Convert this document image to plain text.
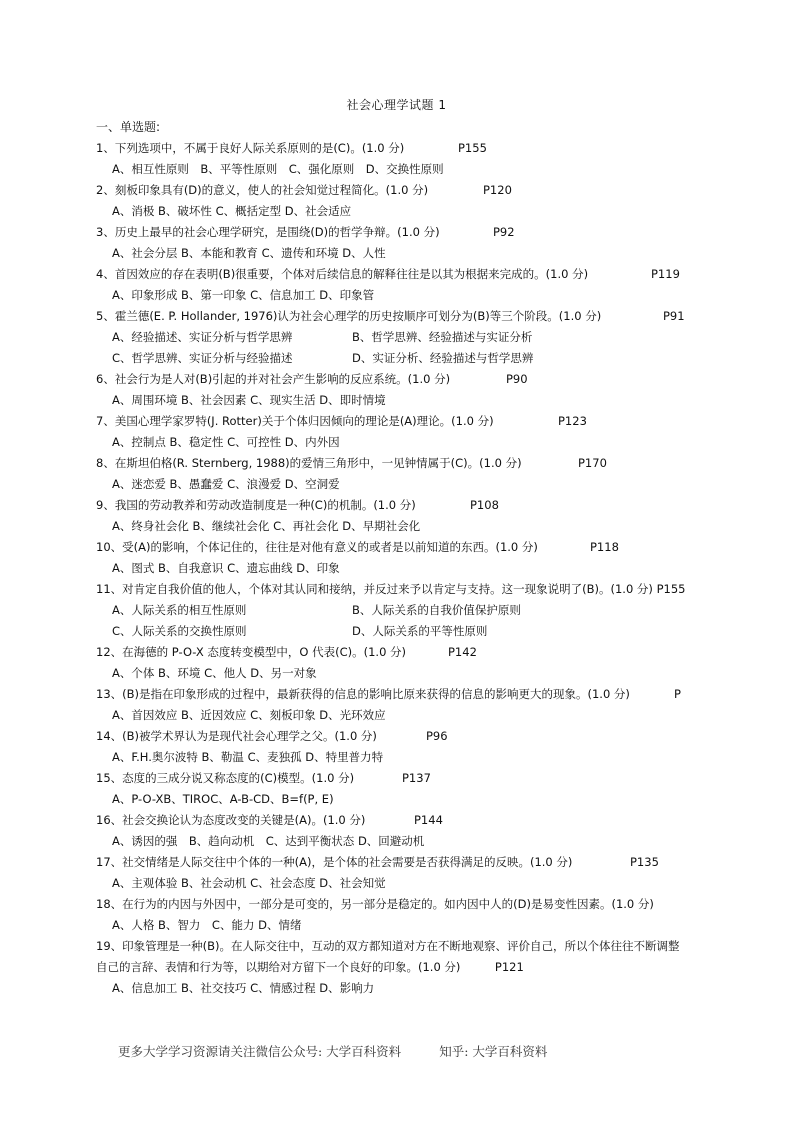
社会心理学试题 1
一、单选题:
1、下列选项中，不属于良好人际关系原则的是(C)。(1.0 分)	P155
A、相互性原则　B、平等性原则　C、强化原则　D、交换性原则
2、刻板印象具有(D)的意义，使人的社会知觉过程简化。(1.0 分)	P120
A、消极 B、破坏性 C、概括定型 D、社会适应
3、历史上最早的社会心理学研究，是围绕(D)的哲学争辩。(1.0 分)	P92
A、社会分层 B、本能和教育 C、遗传和环境 D、人性
4、首因效应的存在表明(B)很重要，个体对后续信息的解释往往是以其为根据来完成的。(1.0 分)	P119
A、印象形成 B、第一印象 C、信息加工 D、印象管
5、霍兰德(E. P. Hollander, 1976)认为社会心理学的历史按顺序可划分为(B)等三个阶段。(1.0 分)	P91
A、经验描述、实证分析与哲学思辨	B、哲学思辨、经验描述与实证分析
C、哲学思辨、实证分析与经验描述	D、实证分析、经验描述与哲学思辨
6、社会行为是人对(B)引起的并对社会产生影响的反应系统。(1.0 分)	P90
A、周围环境 B、社会因素 C、现实生活 D、即时情境
7、美国心理学家罗特(J. Rotter)关于个体归因倾向的理论是(A)理论。(1.0 分)	P123
A、控制点 B、稳定性 C、可控性 D、内外因
8、在斯坦伯格(R. Sternberg, 1988)的爱情三角形中，一见钟情属于(C)。(1.0 分)	P170
A、迷恋爱 B、愚蠢爱 C、浪漫爱 D、空洞爱
9、我国的劳动教养和劳动改造制度是一种(C)的机制。(1.0 分)	P108
A、终身社会化 B、继续社会化 C、再社会化 D、早期社会化
10、受(A)的影响，个体记住的，往往是对他有意义的或者是以前知道的东西。(1.0 分)	P118
A、图式 B、自我意识 C、遗忘曲线 D、印象
11、对肯定自我价值的他人，个体对其认同和接纳，并反过来予以肯定与支持。这一现象说明了(B)。(1.0 分) P155
A、人际关系的相互性原则	B、人际关系的自我价值保护原则
C、人际关系的交换性原则	D、人际关系的平等性原则
12、在海德的 P-O-X 态度转变模型中，O 代表(C)。(1.0 分)	P142
A、个体 B、环境 C、他人 D、另一对象
13、(B)是指在印象形成的过程中，最新获得的信息的影响比原来获得的信息的影响更大的现象。(1.0 分)	P
A、首因效应 B、近因效应 C、刻板印象 D、光环效应
14、(B)被学术界认为是现代社会心理学之父。(1.0 分)	P96
A、F.H.奥尔波特 B、勒温 C、麦独孤 D、特里普力特
15、态度的三成分说又称态度的(C)模型。(1.0 分)	P137
A、P-O-XB、TIROC、A-B-CD、B=f(P, E)
16、社会交换论认为态度改变的关键是(A)。(1.0 分)	P144
A、诱因的强　B、趋向动机　C、达到平衡状态 D、回避动机
17、社交情绪是人际交往中个体的一种(A)，是个体的社会需要是否获得满足的反映。(1.0 分)	P135
A、主观体验 B、社会动机 C、社会态度 D、社会知觉
18、在行为的内因与外因中，一部分是可变的，另一部分是稳定的。如内因中人的(D)是易变性因素。(1.0 分)
A、人格 B、智力　C、能力 D、情绪
19、印象管理是一种(B)。在人际交往中，互动的双方都知道对方在不断地观察、评价自己，所以个体往往不断调整自己的言辞、表情和行为等，以期给对方留下一个良好的印象。(1.0 分)　　　	P121
A、信息加工 B、社交技巧 C、情感过程 D、影响力
更多大学学习资源请关注微信公众号: 大学百科资料	知乎: 大学百科资料
